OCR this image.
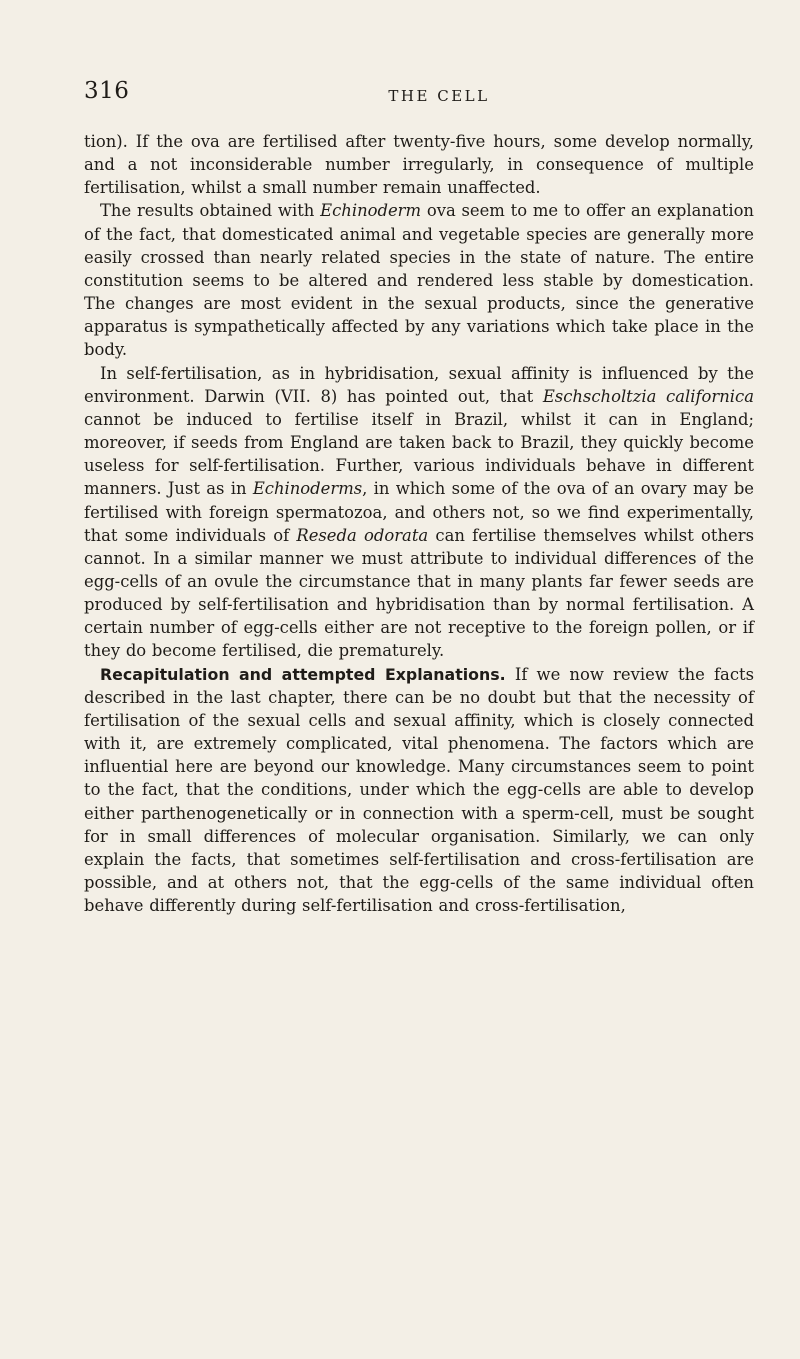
316	THE CELL

tion). If the ova are fertilised after twenty-five hours, some develop normally, and a not inconsiderable number irregularly, in consequence of multiple fertilisation, whilst a small number remain unaffected.

The results obtained with Echinoderm ova seem to me to offer an explanation of the fact, that domesticated animal and vegetable species are generally more easily crossed than nearly related species in the state of nature. The entire constitution seems to be altered and rendered less stable by domestication. The changes are most evident in the sexual products, since the generative apparatus is sympathetically affected by any variations which take place in the body.

In self-fertilisation, as in hybridisation, sexual affinity is influenced by the environment. Darwin (VII. 8) has pointed out, that Eschscholtzia californica cannot be induced to fertilise itself in Brazil, whilst it can in England; moreover, if seeds from England are taken back to Brazil, they quickly become useless for self-fertilisation. Further, various individuals behave in different manners. Just as in Echinoderms, in which some of the ova of an ovary may be fertilised with foreign spermatozoa, and others not, so we find experimentally, that some individuals of Reseda odorata can fertilise themselves whilst others cannot. In a similar manner we must attribute to individual differences of the egg-cells of an ovule the circumstance that in many plants far fewer seeds are produced by self-fertilisation and hybridisation than by normal fertilisation. A certain number of egg-cells either are not receptive to the foreign pollen, or if they do become fertilised, die prematurely.

Recapitulation and attempted Explanations. If we now review the facts described in the last chapter, there can be no doubt but that the necessity of fertilisation of the sexual cells and sexual affinity, which is closely connected with it, are extremely complicated, vital phenomena. The factors which are influential here are beyond our knowledge. Many circumstances seem to point to the fact, that the conditions, under which the egg-cells are able to develop either parthenogenetically or in connection with a sperm-cell, must be sought for in small differences of molecular organisation. Similarly, we can only explain the facts, that sometimes self-fertilisation and cross-fertilisation are possible, and at others not, that the egg-cells of the same individual often behave differently during self-fertilisation and cross-fertilisation,
